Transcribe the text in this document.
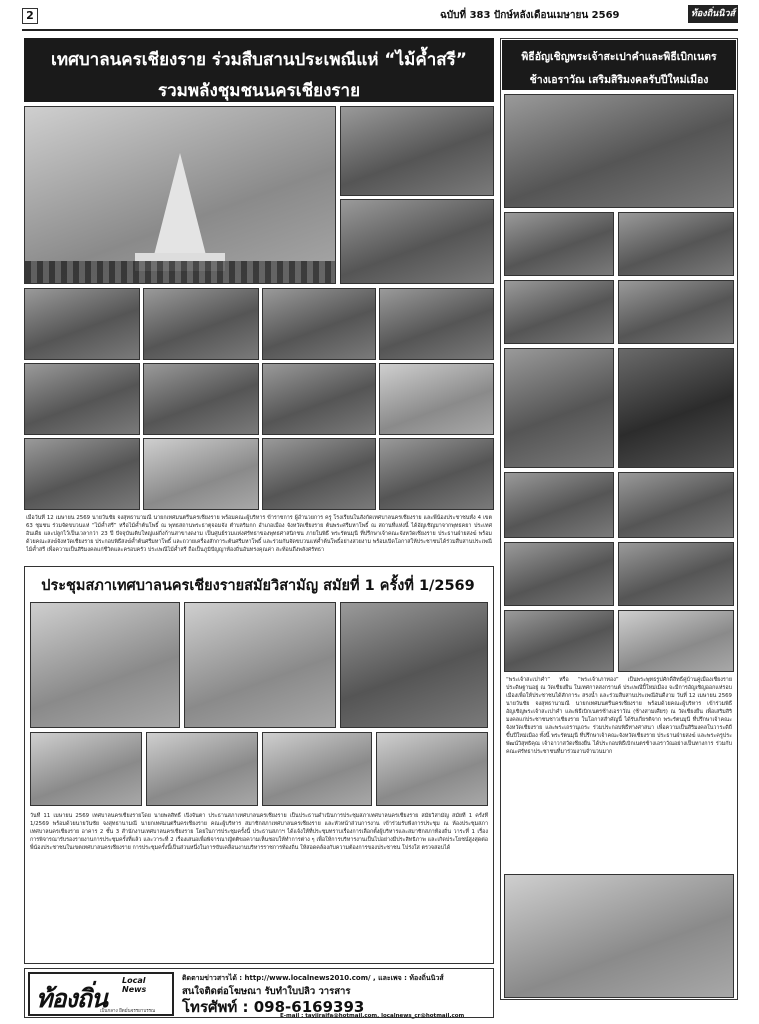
2	ฉบับที่ 383 ปักษ์หลังเดือนเมษายน 2569	ท้องถิ่นนิวส์
เทศบาลนครเชียงราย ร่วมสืบสานประเพณีแห่ “ไม้ค้ำสรี”
รวมพลังชุมชนนครเชียงราย
เมื่อวันที่ 12 เมษายน 2569 นายวันชัย จงสุทธานามณี นายกเทศมนตรีนครเชียงราย พร้อมคณะผู้บริหาร ข้าราชการ ผู้อำนวยการ ครู โรงเรียนในสังกัดเทศบาลนครเชียงราย และพี่น้องประชาชนทั้ง 4 เขต 63 ชุมชน ร่วมจัดขบวนแห่ “ไม้ค้ำสรี” หรือไม้ค้ำต้นโพธิ์ ณ พุทธสถานพระธาตุจอมจัง ตำบลริมกก อำเภอเมือง จังหวัดเชียงราย ต้นพระศรีมหาโพธิ์ ณ สถานที่แห่งนี้ ได้อัญเชิญมาจากพุทธคยา ประเทศอินเดีย และปลูกไว้เป็นเวลากว่า 23 ปี ปัจจุบันเติบใหญ่แผ่กิ่งก้านสาขางดงาม เป็นศูนย์รวมแห่งศรัทธาของพุทธศาสนิกชน ภายในพิธี พระรัตนมุนี ที่ปรึกษาเจ้าคณะจังหวัดเชียงราย ประธานฝ่ายสงฆ์ พร้อมด้วยคณะสงฆ์จังหวัดเชียงราย ประกอบพิธีสงฆ์ค้ำต้นศรีมหาโพธิ์ และถวายเครื่องสักการะต้นศรีมหาโพธิ์ และร่วมกันจัดขบวนแห่ค้ำต้นโพธิ์อย่างสวยงาม พร้อมเปิดโอกาสให้ประชาชนได้ร่วมสืบสานประเพณีไม้ค้ำสรี เพื่อความเป็นสิริมงคลแก่ชีวิตและครอบครัว ประเพณีไม้ค้ำสรี ถือเป็นภูมิปัญญาท้องถิ่นอันทรงคุณค่า สะท้อนถึงพลังศรัทธา
ประชุมสภาเทศบาลนครเชียงรายสมัยวิสามัญ สมัยที่ 1 ครั้งที่ 1/2569
วันที่ 11 เมษายน 2569 เทศบาลนครเชียงรายโดย นายพลสิทธิ์ เปิงจันตา ประธานสภาเทศบาลนครเชียงราย เป็นประธานดำเนินการประชุมสภาเทศบาลนครเชียงราย สมัยวิสามัญ สมัยที่ 1 ครั้งที่ 1/2569 พร้อมด้วยนายวันชัย จงสุทธานามณี นายกเทศมนตรีนครเชียงราย คณะผู้บริหาร สมาชิกสภาเทศบาลนครเชียงราย และหัวหน้าส่วนการงาน เข้าร่วมรับฟังการประชุม ณ ห้องประชุมสภาเทศบาลนครเชียงราย อาคาร 2 ชั้น 3 สำนักงานเทศบาลนครเชียงราย โดยในการประชุมครั้งนี้ ประธานสภาฯ ได้แจ้งให้ที่ประชุมทราบเรื่องการเลือกตั้งผู้บริหารและสมาชิกสภาท้องถิ่น วาระที่ 1 เรื่องการพิจารณารับรองรายงานการประชุมครั้งที่แล้ว และวาระที่ 2 เรื่องเสนอเพื่อพิจารณาญัตติขอความเห็นชอบให้ทำการต่าง ๆ เพื่อให้การบริหารงานเป็นไปอย่างมีประสิทธิภาพ และเกิดประโยชน์สูงสุดต่อพี่น้องประชาชนในเขตเทศบาลนครเชียงราย การประชุมครั้งนี้เป็นส่วนหนึ่งในการขับเคลื่อนงานบริหารราชการท้องถิ่น ให้สอดคล้องกับความต้องการของประชาชน โปร่งใส ตรวจสอบได้
พิธีอัญเชิญพระเจ้าสะเปาคำและพิธีเบิกเนตร
ช้างเอราวัณ เสริมสิริมงคลรับปีใหม่เมือง
“พระเจ้าสะเปาคำ” หรือ “พระเจ้าเภาทอง” เป็นพระพุทธรูปศักดิ์สิทธิ์คู่บ้านคู่เมืองเชียงราย ประดิษฐานอยู่ ณ วัดเชียงยืน ในเทศกาลสงกรานต์ ประเพณีปี๋ใหม่เมือง จะมีการอัญเชิญออกแห่รอบเมืองเพื่อให้ประชาชนได้สักการะ สรงน้ำ และร่วมสืบสานประเพณีอันดีงาม วันที่ 12 เมษายน 2569 นายวันชัย จงสุทธานามณี นายกเทศมนตรีนครเชียงราย พร้อมด้วยคณะผู้บริหาร เข้าร่วมพิธีอัญเชิญพระเจ้าสะเปาคำ และพิธีเบิกเนตรช้างเอราวัณ (ช้างสามเศียร) ณ วัดเชียงยืน เพื่อเสริมสิริมงคลแก่ประชาชนชาวเชียงราย ในโอกาสสำคัญนี้ ได้รับเกียรติจาก พระรัตนมุนี ที่ปรึกษาเจ้าคณะจังหวัดเชียงราย และพระเถรานุเถระ ร่วมประกอบพิธีทางศาสนา เพื่อความเป็นสิริมงคลในวาระดิถีขึ้นปีใหม่เมือง ทั้งนี้ พระรัตนมุนี ที่ปรึกษาเจ้าคณะจังหวัดเชียงราย ประธานฝ่ายสงฆ์ และพระครูประพัฒน์วิสุทธิคุณ เจ้าอาวาสวัดเชียงยืน ได้ประกอบพิธีเบิกเนตรช้างเอราวัณอย่างเป็นทางการ ร่วมกับคณะศรัทธาประชาชนที่มาร่วมงานจำนวนมาก
ท้องถิ่น
Local News
เป็นกลาง ยึดมั่นจรรยาบรรณ
ติดตามข่าวสารได้ : http://www.localnews2010.com/ , และเพจ : ท้องถิ่นนิวส์
สนใจติดต่อโฆษณา รับทำใบปลิว วารสาร
โทรศัพท์ : 098-6169393
E-mail : tayjiraifa@hotmail.com, localnews_cr@hotmail.com
